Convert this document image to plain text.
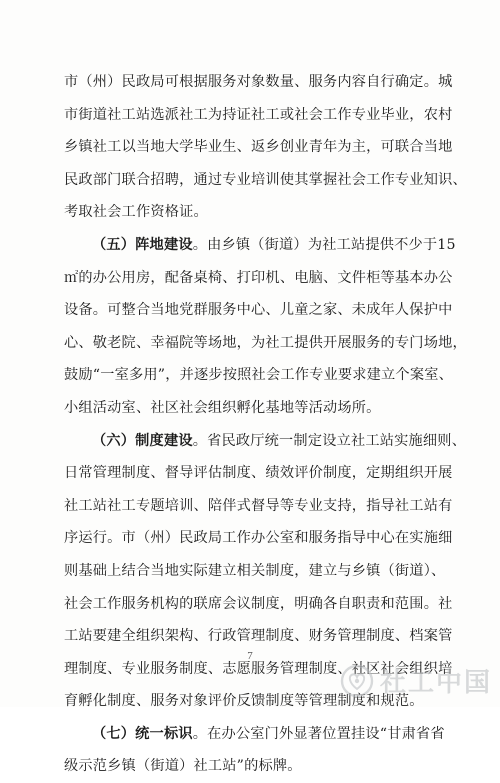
市（州）民政局可根据服务对象数量、服务内容自行确定。城
市街道社工站选派社工为持证社工或社会工作专业毕业，农村
乡镇社工以当地大学毕业生、返乡创业青年为主，可联合当地
民政部门联合招聘，通过专业培训使其掌握社会工作专业知识、
考取社会工作资格证。
（五）阵地建设。由乡镇（街道）为社工站提供不少于15
㎡的办公用房，配备桌椅、打印机、电脑、文件柜等基本办公
设备。可整合当地党群服务中心、儿童之家、未成年人保护中
心、敬老院、幸福院等场地，为社工提供开展服务的专门场地，
鼓励“一室多用”，并逐步按照社会工作专业要求建立个案室、
小组活动室、社区社会组织孵化基地等活动场所。
（六）制度建设。省民政厅统一制定设立社工站实施细则、
日常管理制度、督导评估制度、绩效评价制度，定期组织开展
社工站社工专题培训、陪伴式督导等专业支持，指导社工站有
序运行。市（州）民政局工作办公室和服务指导中心在实施细
则基础上结合当地实际建立相关制度，建立与乡镇（街道）、
社会工作服务机构的联席会议制度，明确各自职责和范围。社
工站要建全组织架构、行政管理制度、财务管理制度、档案管
理制度、专业服务制度、志愿服务管理制度、社区社会组织培
育孵化制度、服务对象评价反馈制度等管理制度和规范。
（七）统一标识。在办公室门外显著位置挂设“甘肃省省
级示范乡镇（街道）社工站”的标牌。
7
社工中国
